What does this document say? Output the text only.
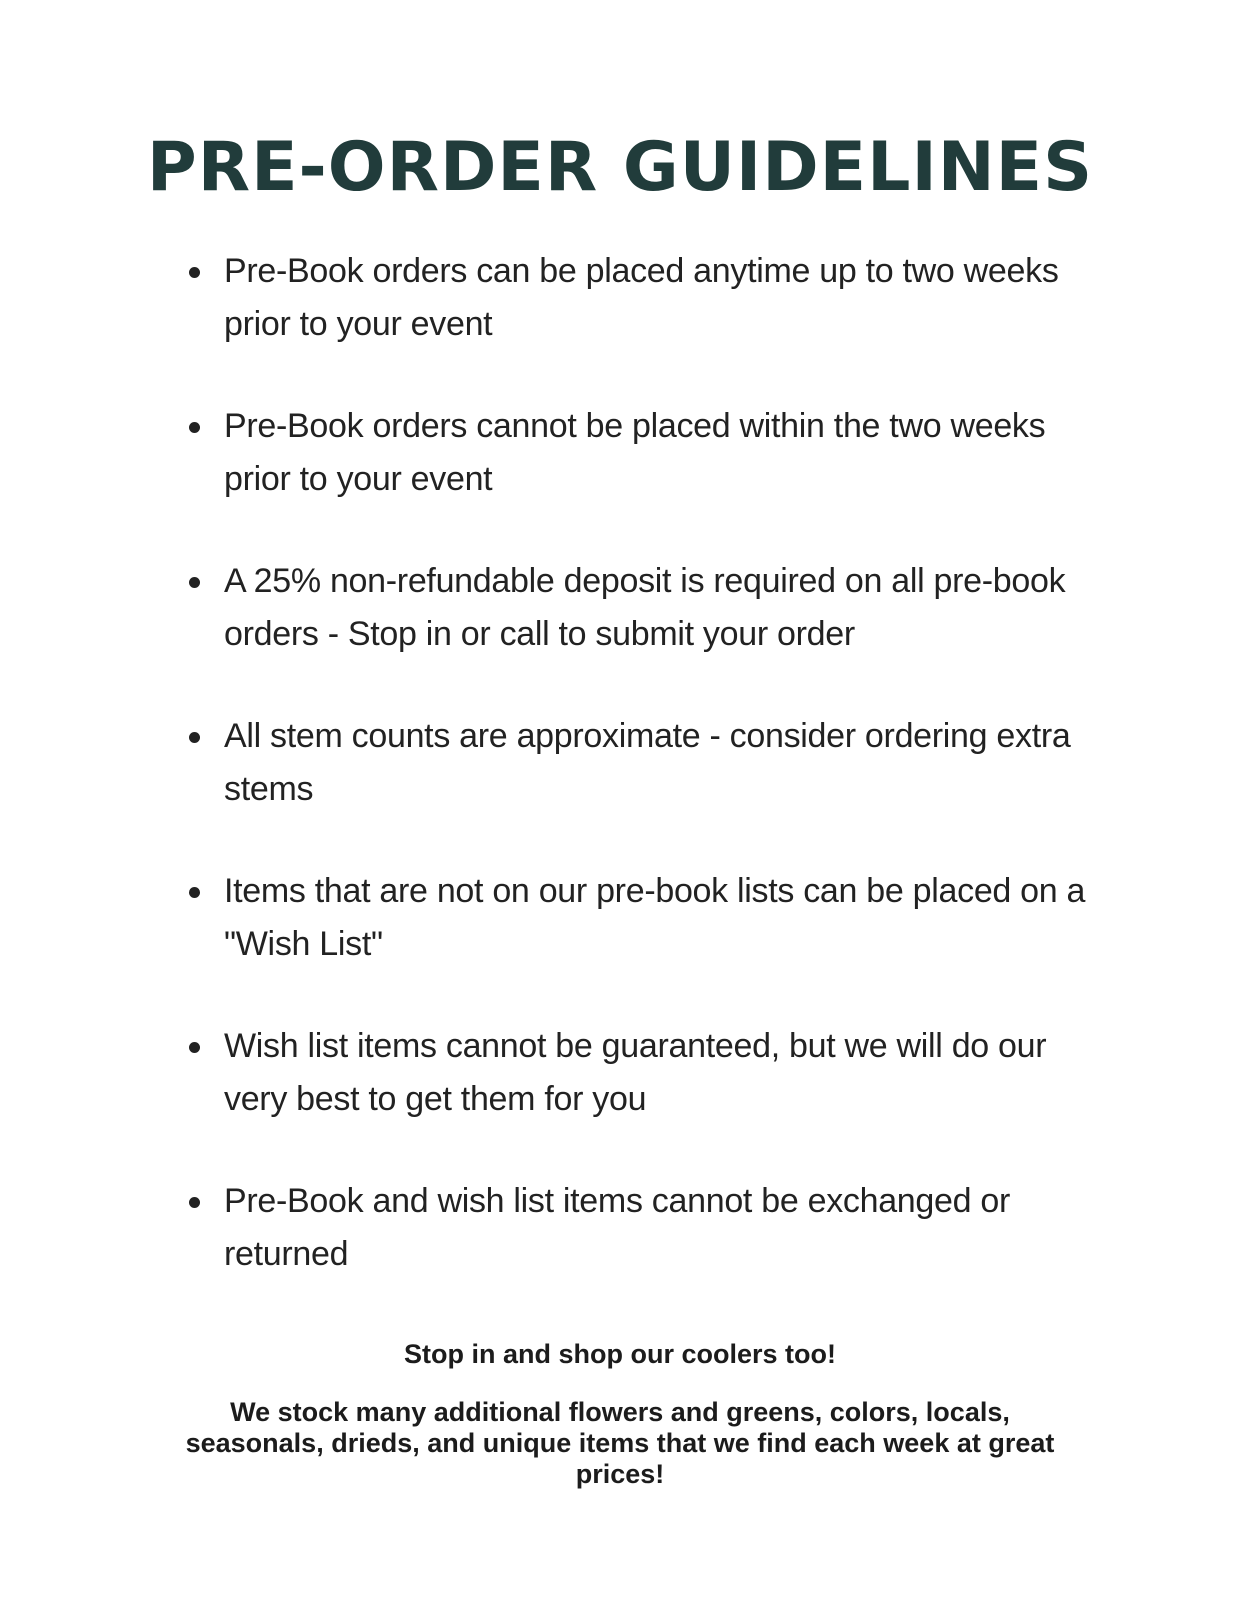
PRE-ORDER GUIDELINES
Pre-Book orders can be placed anytime up to two weeks prior to your event
Pre-Book orders cannot be placed within the two weeks prior to your event
A 25% non-refundable deposit is required on all pre-book orders - Stop in or call to submit your order
All stem counts are approximate - consider ordering extra stems
Items that are not on our pre-book lists can be placed on a "Wish List"
Wish list items cannot be guaranteed, but we will do our very best to get them for you
Pre-Book and wish list items cannot be exchanged or returned

Stop in and shop our coolers too!

We stock many additional flowers and greens, colors, locals, seasonals, drieds, and unique items that we find each week at great prices!
